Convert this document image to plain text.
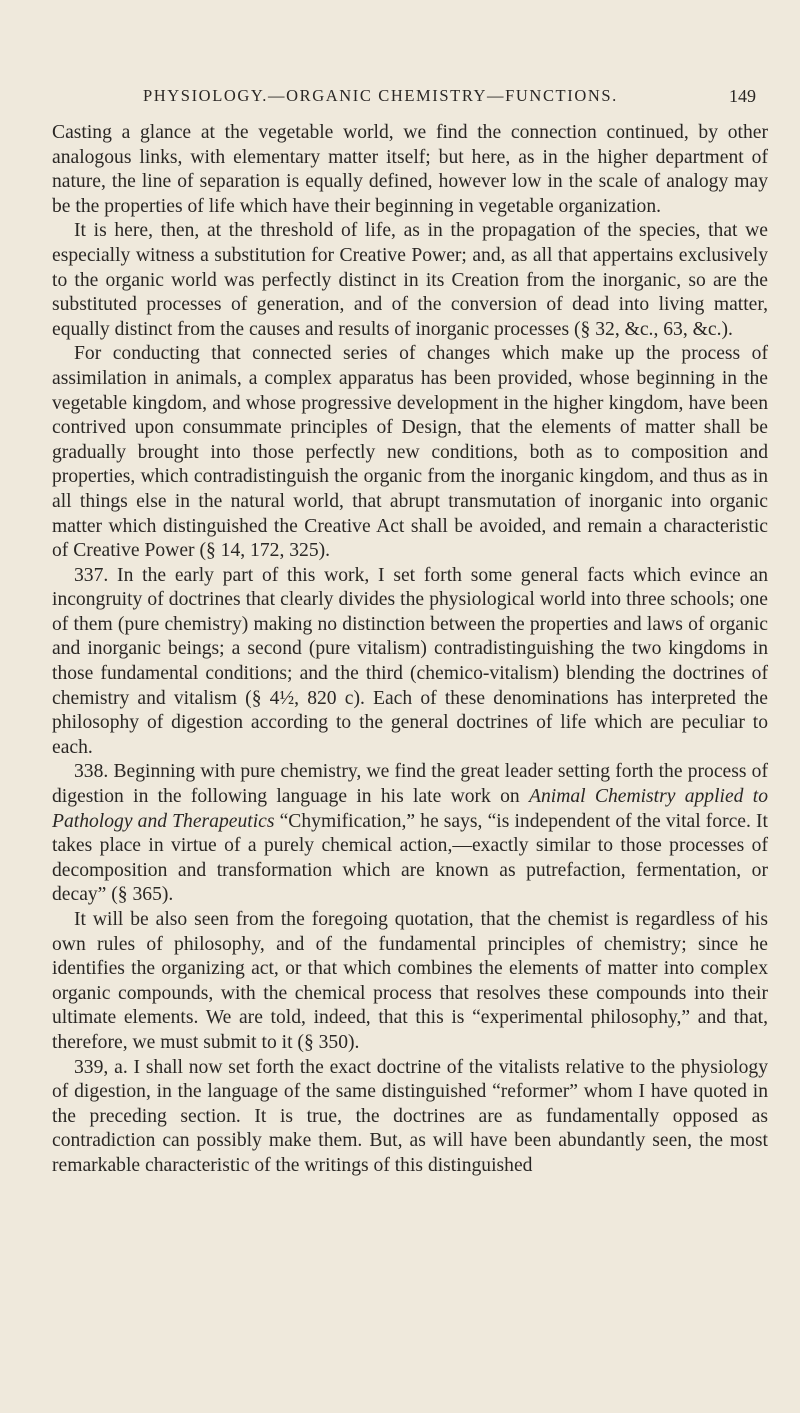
PHYSIOLOGY.—ORGANIC CHEMISTRY—FUNCTIONS.	149

Casting a glance at the vegetable world, we find the connection continued, by other analogous links, with elementary matter itself; but here, as in the higher department of nature, the line of separation is equally defined, however low in the scale of analogy may be the properties of life which have their beginning in vegetable organization.

It is here, then, at the threshold of life, as in the propagation of the species, that we especially witness a substitution for Creative Power; and, as all that appertains exclusively to the organic world was perfectly distinct in its Creation from the inorganic, so are the substituted processes of generation, and of the conversion of dead into living matter, equally distinct from the causes and results of inorganic processes (§ 32, &c., 63, &c.).

For conducting that connected series of changes which make up the process of assimilation in animals, a complex apparatus has been provided, whose beginning in the vegetable kingdom, and whose progressive development in the higher kingdom, have been contrived upon consummate principles of Design, that the elements of matter shall be gradually brought into those perfectly new conditions, both as to composition and properties, which contradistinguish the organic from the inorganic kingdom, and thus as in all things else in the natural world, that abrupt transmutation of inorganic into organic matter which distinguished the Creative Act shall be avoided, and remain a characteristic of Creative Power (§ 14, 172, 325).

337. In the early part of this work, I set forth some general facts which evince an incongruity of doctrines that clearly divides the physiological world into three schools; one of them (pure chemistry) making no distinction between the properties and laws of organic and inorganic beings; a second (pure vitalism) contradistinguishing the two kingdoms in those fundamental conditions; and the third (chemico-vitalism) blending the doctrines of chemistry and vitalism (§ 4½, 820 c). Each of these denominations has interpreted the philosophy of digestion according to the general doctrines of life which are peculiar to each.

338. Beginning with pure chemistry, we find the great leader setting forth the process of digestion in the following language in his late work on Animal Chemistry applied to Pathology and Therapeutics “Chymification,” he says, “is independent of the vital force. It takes place in virtue of a purely chemical action,—exactly similar to those processes of decomposition and transformation which are known as putrefaction, fermentation, or decay” (§ 365).

It will be also seen from the foregoing quotation, that the chemist is regardless of his own rules of philosophy, and of the fundamental principles of chemistry; since he identifies the organizing act, or that which combines the elements of matter into complex organic compounds, with the chemical process that resolves these compounds into their ultimate elements. We are told, indeed, that this is “experimental philosophy,” and that, therefore, we must submit to it (§ 350).

339, a. I shall now set forth the exact doctrine of the vitalists relative to the physiology of digestion, in the language of the same distinguished “reformer” whom I have quoted in the preceding section. It is true, the doctrines are as fundamentally opposed as contradiction can possibly make them. But, as will have been abundantly seen, the most remarkable characteristic of the writings of this distinguished
